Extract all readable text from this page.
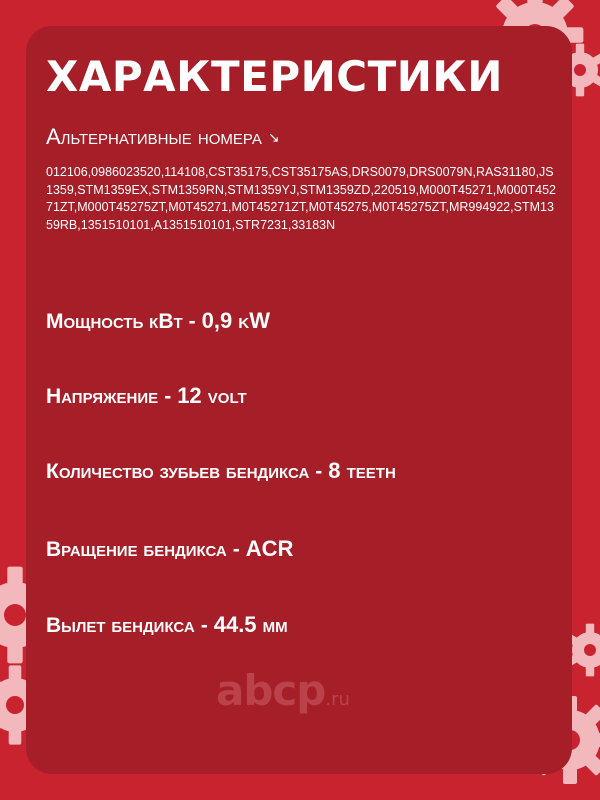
ХАРАКТЕРИСТИКИ
Альтернативные номера ↘
012106,0986023520,114108,CST35175,CST35175AS,DRS0079,DRS0079N,RAS31180,JS1359,STM1359EX,STM1359RN,STM1359YJ,STM1359ZD,220519,M000T45271,M000T45271ZT,M000T45275ZT,M0T45271,M0T45271ZT,M0T45275,M0T45275ZT,MR994922,STM1359RB,1351510101,A1351510101,STR7231,33183N
Мощность кВт - 0,9 kW
Напряжение - 12 volt
Количество зубьев бендикса - 8 teeth
Вращение бендикса - ACR
Вылет бендикса - 44.5 мм
abcp.ru
